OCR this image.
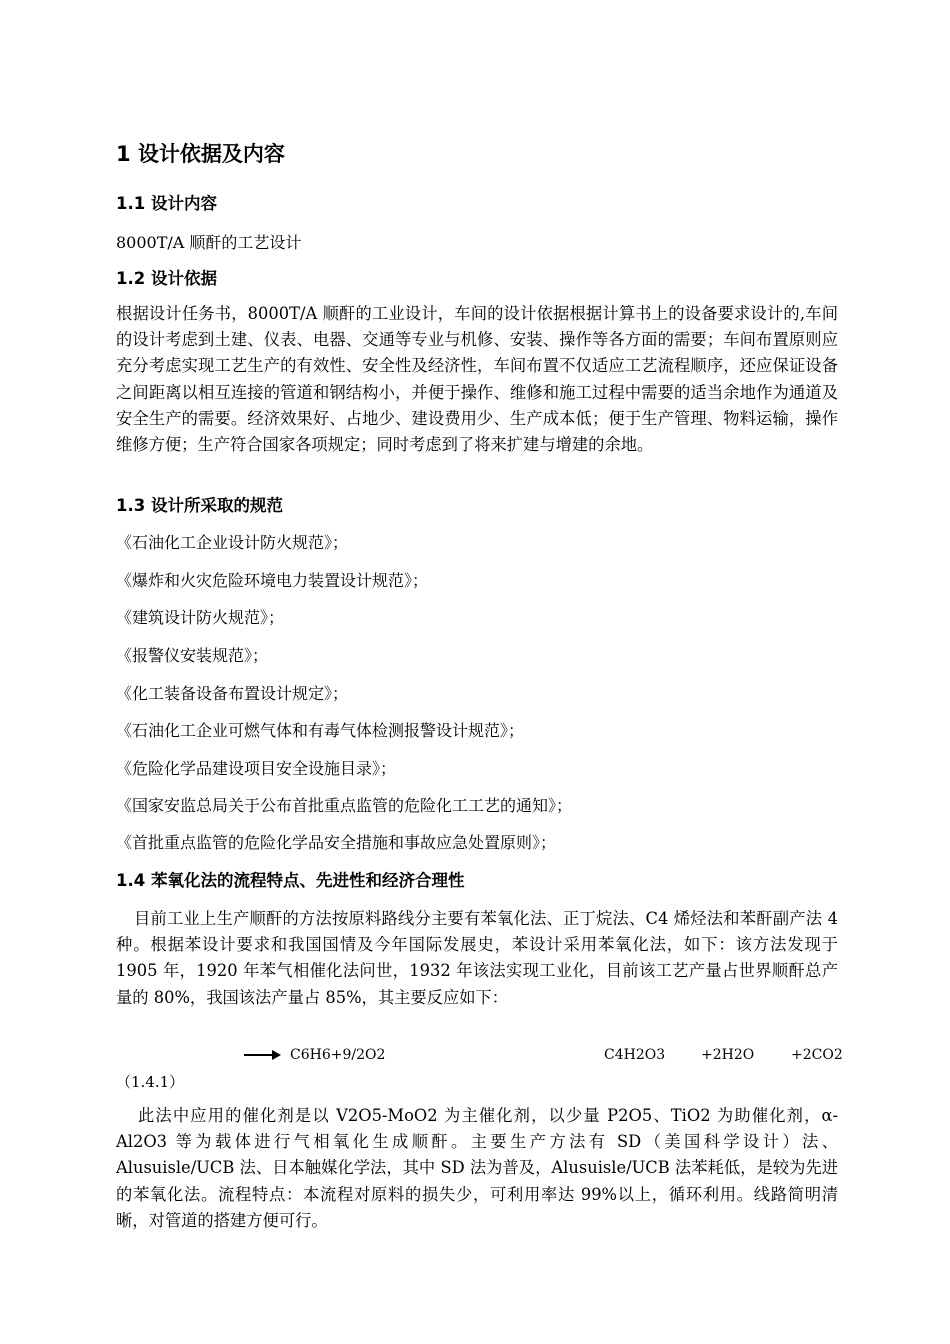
1 设计依据及内容
1.1 设计内容
8000T/A 顺酐的工艺设计
1.2 设计依据
根据设计任务书，8000T/A 顺酐的工业设计，车间的设计依据根据计算书上的设备要求设计的,车间的设计考虑到土建、仪表、电器、交通等专业与机修、安装、操作等各方面的需要；车间布置原则应充分考虑实现工艺生产的有效性、安全性及经济性，车间布置不仅适应工艺流程顺序，还应保证设备之间距离以相互连接的管道和钢结构小，并便于操作、维修和施工过程中需要的适当余地作为通道及安全生产的需要。经济效果好、占地少、建设费用少、生产成本低；便于生产管理、物料运输，操作维修方便；生产符合国家各项规定；同时考虑到了将来扩建与增建的余地。
1.3 设计所采取的规范
《石油化工企业设计防火规范》；
《爆炸和火灾危险环境电力装置设计规范》；
《建筑设计防火规范》；
《报警仪安装规范》；
《化工装备设备布置设计规定》；
《石油化工企业可燃气体和有毒气体检测报警设计规范》；
《危险化学品建设项目安全设施目录》；
《国家安监总局关于公布首批重点监管的危险化工工艺的通知》；
《首批重点监管的危险化学品安全措施和事故应急处置原则》；
1.4 苯氧化法的流程特点、先进性和经济合理性
目前工业上生产顺酐的方法按原料路线分主要有苯氧化法、正丁烷法、C4 烯烃法和苯酐副产法 4 种。根据苯设计要求和我国国情及今年国际发展史，苯设计采用苯氧化法，如下：该方法发现于 1905 年，1920 年苯气相催化法问世，1932 年该法实现工业化，目前该工艺产量占世界顺酐总产量的 80%，我国该法产量占 85%，其主要反应如下：
C6H6+9/2O2	C4H2O3	+2H2O	+2CO2
（1.4.1）
此法中应用的催化剂是以 V2O5-MoO2 为主催化剂，以少量 P2O5、TiO2 为助催化剂，α-Al2O3 等为载体进行气相氧化生成顺酐。主要生产方法有 SD（美国科学设计）法、Alusuisle/UCB 法、日本触媒化学法，其中 SD 法为普及，Alusuisle/UCB 法苯耗低，是较为先进的苯氧化法。流程特点：本流程对原料的损失少，可利用率达 99%以上，循环利用。线路简明清晰，对管道的搭建方便可行。
